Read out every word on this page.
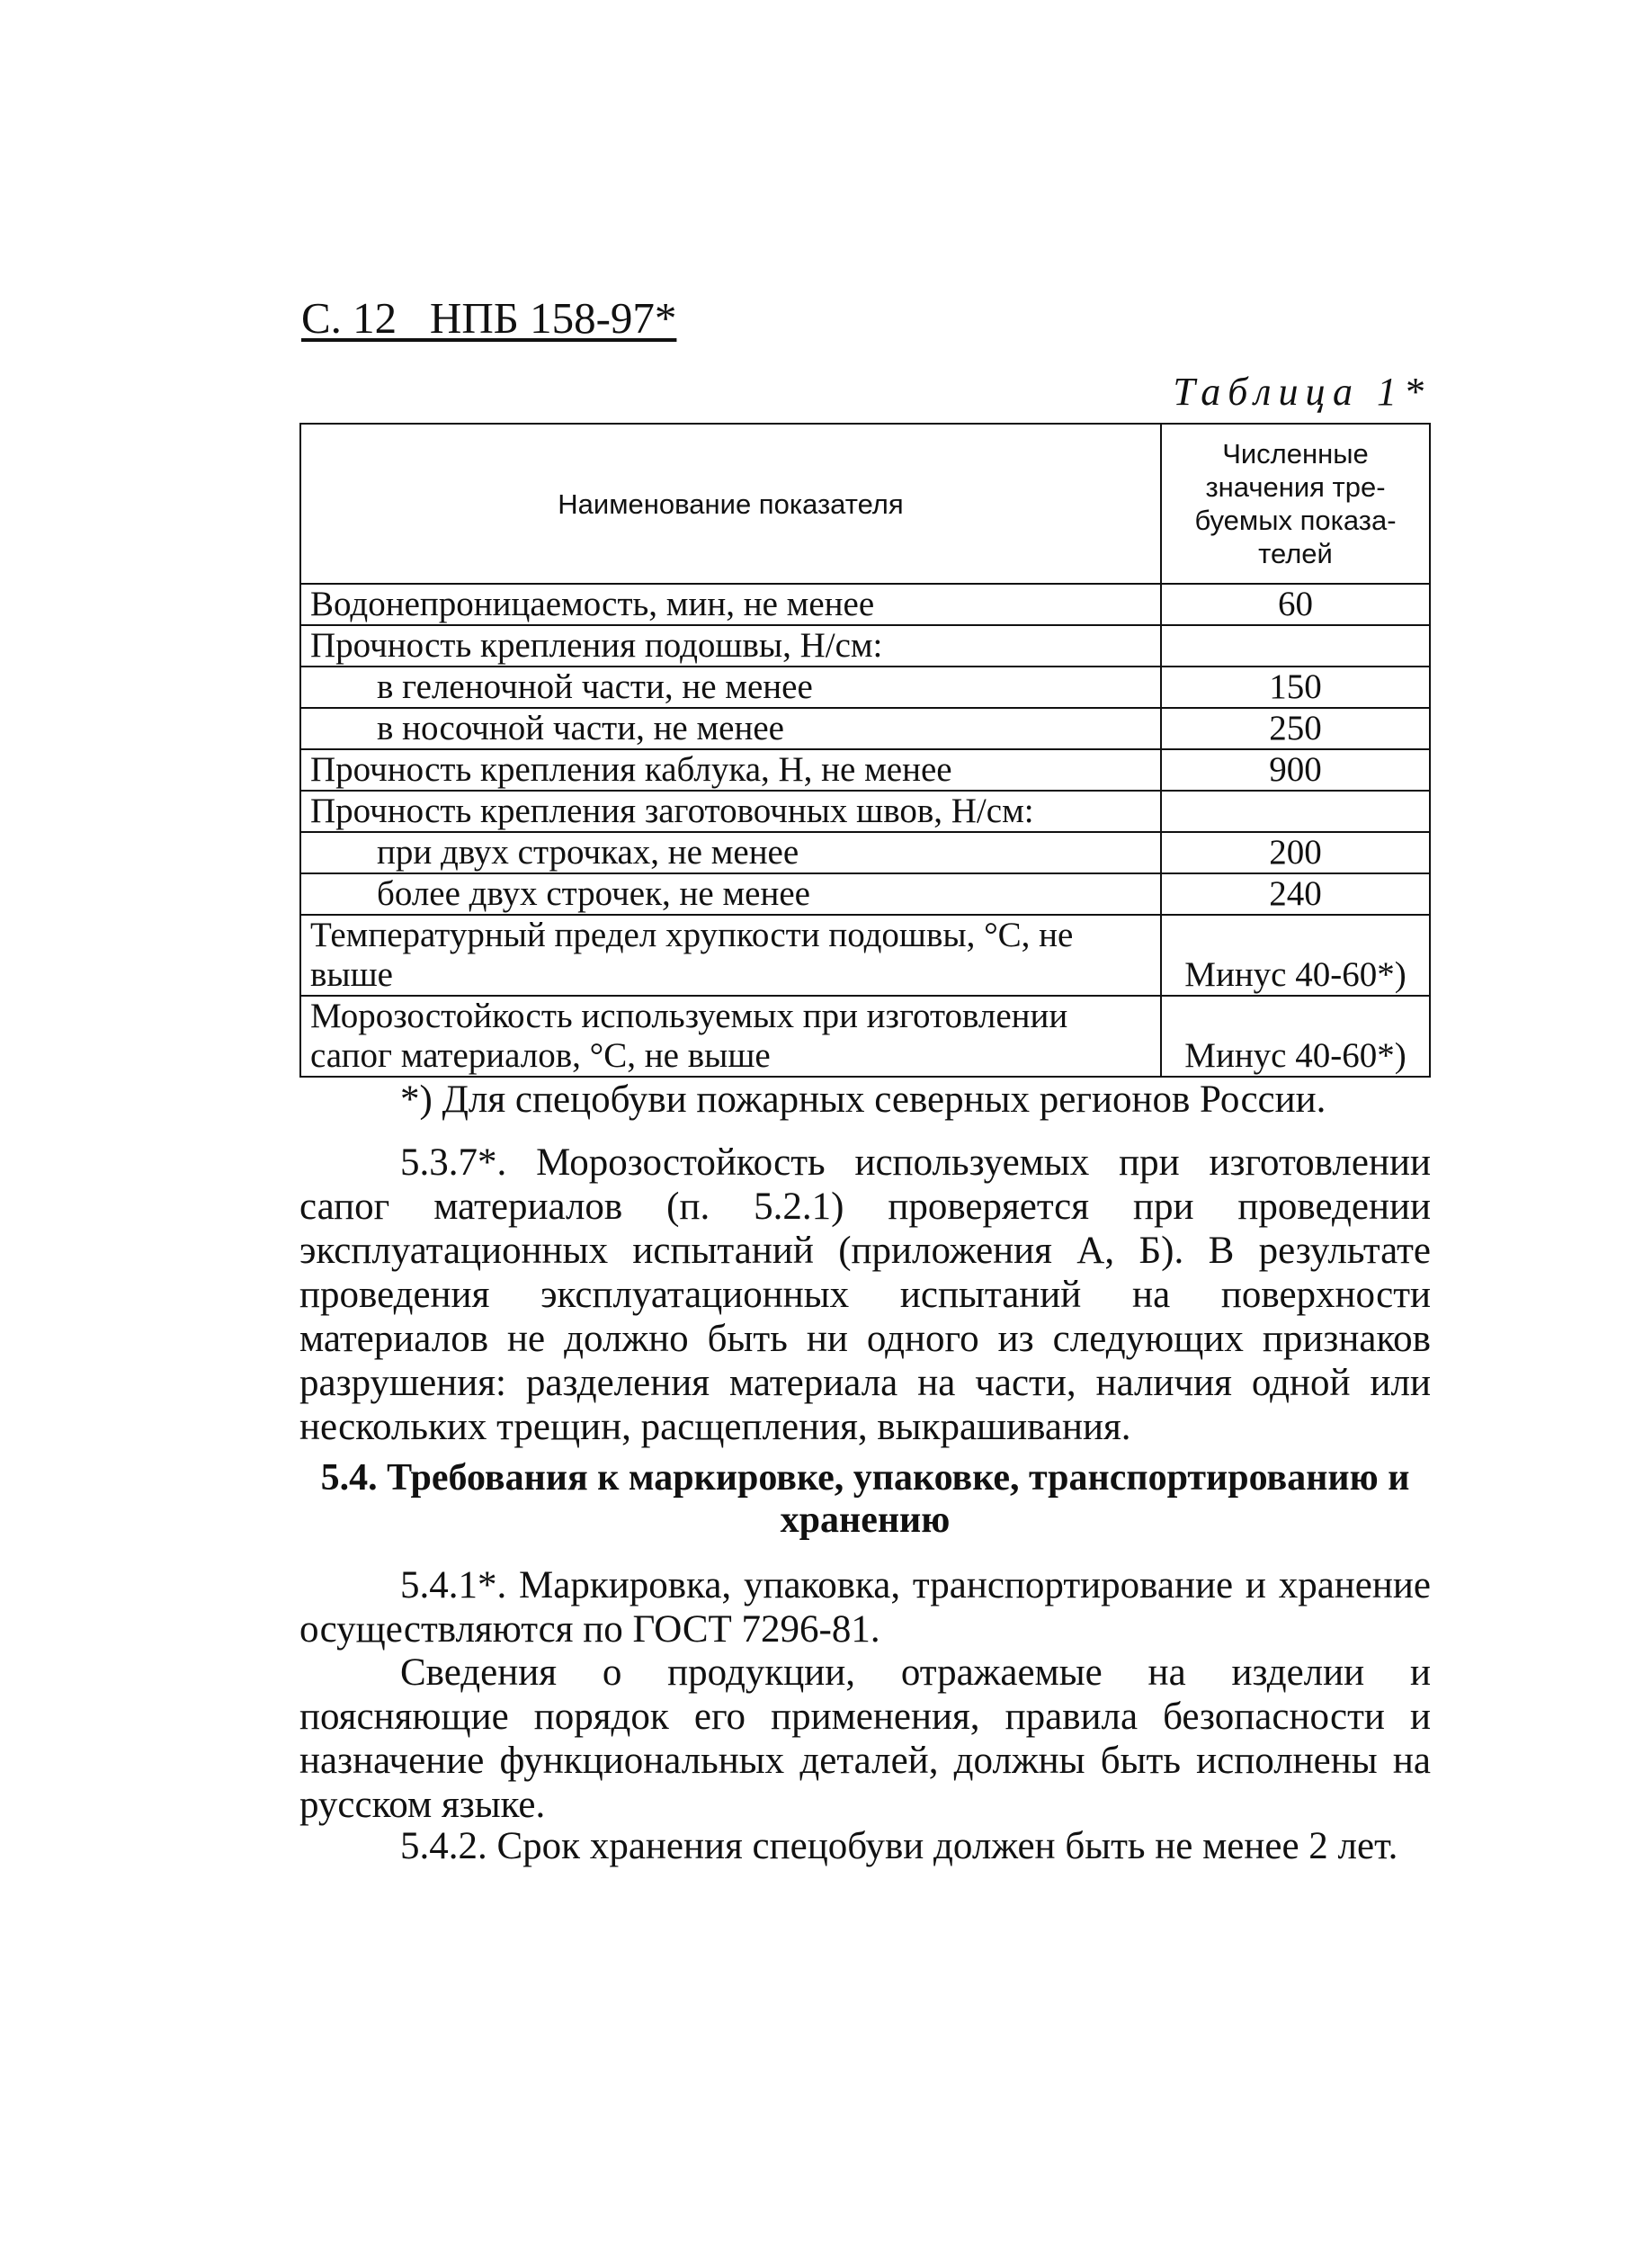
С. 12   НПБ 158-97*
Таблица 1*
Наименование показателя	Численные значения тре-буемых показа-телей
Водонепроницаемость, мин, не менее	60
Прочность крепления подошвы, Н/см:	
в геленочной части, не менее	150
в носочной части, не менее	250
Прочность крепления каблука, Н, не менее	900
Прочность крепления заготовочных швов, Н/см:	
при двух строчках, не менее	200
более двух строчек, не менее	240
Температурный предел хрупкости подошвы, °С, не выше	Минус 40-60*)
Морозостойкость используемых при изготовлении сапог материалов, °С, не выше	Минус 40-60*)
*) Для спецобуви пожарных северных регионов России.

5.3.7*. Морозостойкость используемых при изготовлении сапог материалов (п. 5.2.1) проверяется при проведении эксплуатационных испытаний (приложения А, Б). В результате проведения эксплуатационных испытаний на поверхности материалов не должно быть ни одного из следующих признаков разрушения: разделения материала на части, наличия одной или нескольких трещин, расщепления, выкрашивания.

5.4. Требования к маркировке, упаковке, транспортированию и хранению

5.4.1*. Маркировка, упаковка, транспортирование и хранение осуществляются по ГОСТ 7296-81.

Сведения о продукции, отражаемые на изделии и поясняющие порядок его применения, правила безопасности и назначение функциональных деталей, должны быть исполнены на русском языке.

5.4.2. Срок хранения спецобуви должен быть не менее 2 лет.
